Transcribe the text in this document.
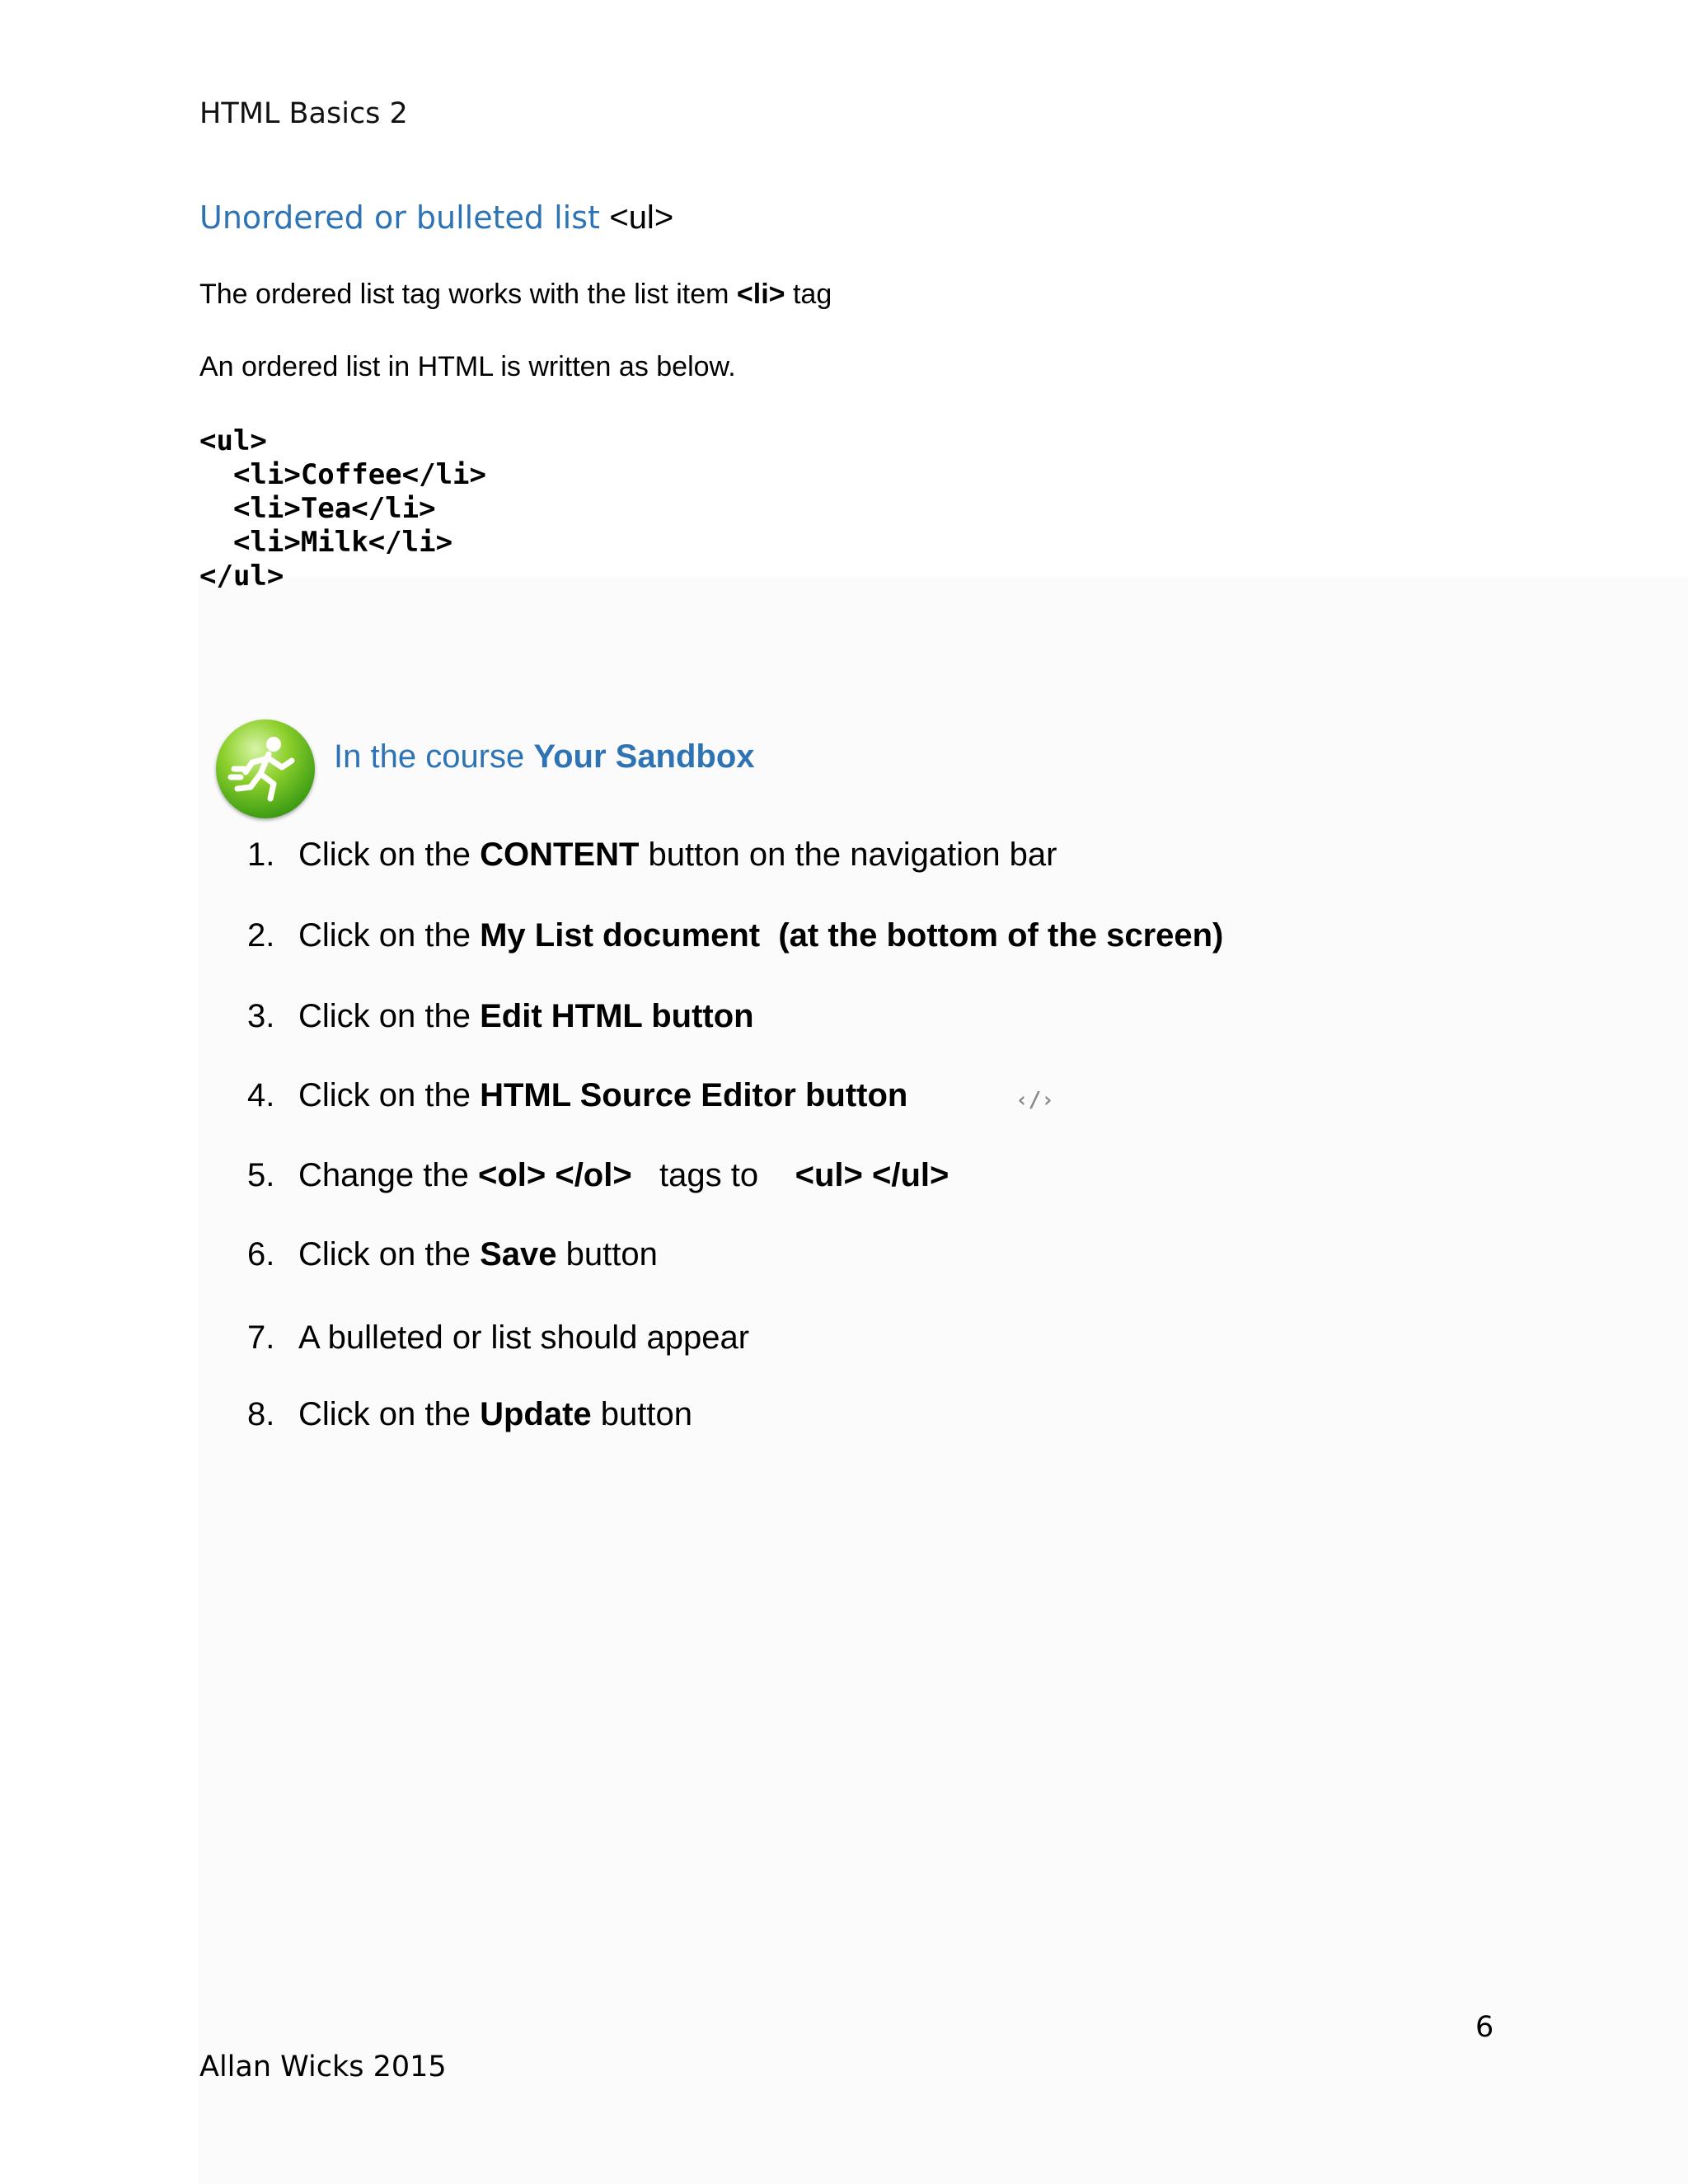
HTML Basics 2
Unordered or bulleted list <ul>
The ordered list tag works with the list item <li> tag
An ordered list in HTML is written as below.
<ul>
<li>Coffee</li>
<li>Tea</li>
<li>Milk</li>
</ul>
In the course Your Sandbox
1. Click on the CONTENT button on the navigation bar
2. Click on the My List document  (at the bottom of the screen)
3. Click on the Edit HTML button
4. Click on the HTML Source Editor button
5. Change the <ol> </ol>   tags to    <ul> </ul>
6. Click on the Save button
7. A bulleted or list should appear
8. Click on the Update button
‹/›
6
Allan Wicks 2015
